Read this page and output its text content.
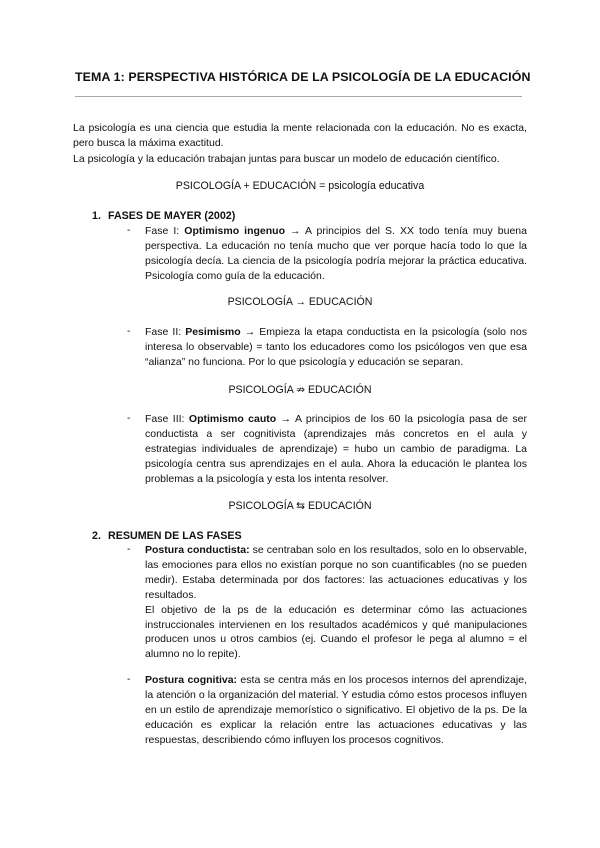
TEMA 1: PERSPECTIVA HISTÓRICA DE LA PSICOLOGÍA DE LA EDUCACIÓN

La psicología es una ciencia que estudia la mente relacionada con la educación. No es exacta, pero busca la máxima exactitud.

La psicología y la educación trabajan juntas para buscar un modelo de educación científico.

PSICOLOGÍA + EDUCACIÓN = psicología educativa
1. FASES DE MAYER (2002)
- Fase I: Optimismo ingenuo → A principios del S. XX todo tenía muy buena perspectiva. La educación no tenía mucho que ver porque hacía todo lo que la psicología decía. La ciencia de la psicología podría mejorar la práctica educativa. Psicología como guía de la educación.
PSICOLOGÍA → EDUCACIÓN
- Fase II: Pesimismo → Empieza la etapa conductista en la psicología (solo nos interesa lo observable) = tanto los educadores como los psicólogos ven que esa “alianza” no funciona. Por lo que psicología y educación se separan.
PSICOLOGÍA ⇏ EDUCACIÓN
- Fase III: Optimismo cauto → A principios de los 60 la psicología pasa de ser conductista a ser cognitivista (aprendizajes más concretos en el aula y estrategias individuales de aprendizaje) = hubo un cambio de paradigma. La psicología centra sus aprendizajes en el aula. Ahora la educación le plantea los problemas a la psicología y esta los intenta resolver.
PSICOLOGÍA ⇆ EDUCACIÓN
2. RESUMEN DE LAS FASES
- Postura conductista: se centraban solo en los resultados, solo en lo observable, las emociones para ellos no existían porque no son cuantificables (no se pueden medir). Estaba determinada por dos factores: las actuaciones educativas y los resultados.

El objetivo de la ps de la educación es determinar cómo las actuaciones instruccionales intervienen en los resultados académicos y qué manipulaciones producen unos u otros cambios (ej. Cuando el profesor le pega al alumno = el alumno no lo repite).

- Postura cognitiva: esta se centra más en los procesos internos del aprendizaje, la atención o la organización del material. Y estudia cómo estos procesos influyen en un estilo de aprendizaje memorístico o significativo. El objetivo de la ps. De la educación es explicar la relación entre las actuaciones educativas y las respuestas, describiendo cómo influyen los procesos cognitivos.
